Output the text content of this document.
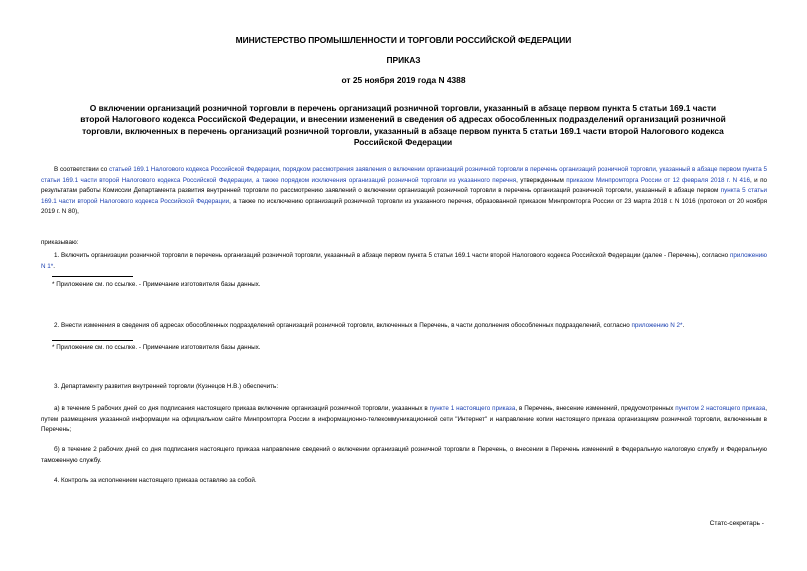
МИНИСТЕРСТВО ПРОМЫШЛЕННОСТИ И ТОРГОВЛИ РОССИЙСКОЙ ФЕДЕРАЦИИ
ПРИКАЗ
от 25 ноября 2019 года N 4388
О включении организаций розничной торговли в перечень организаций розничной торговли, указанный в абзаце первом пункта 5 статьи 169.1 части второй Налогового кодекса Российской Федерации, и внесении изменений в сведения об адресах обособленных подразделений организаций розничной торговли, включенных в перечень организаций розничной торговли, указанный в абзаце первом пункта 5 статьи 169.1 части второй Налогового кодекса Российской Федерации
В соответствии со статьей 169.1 Налогового кодекса Российской Федерации, порядком рассмотрения заявления о включении организаций розничной торговли в перечень организаций розничной торговли, указанный в абзаце первом пункта 5 статьи 169.1 части второй Налогового кодекса Российской Федерации, а также порядком исключения организаций розничной торговли из указанного перечня, утвержденным приказом Минпромторга России от 12 февраля 2018 г. N 416, и по результатам работы Комиссии Департамента развития внутренней торговли по рассмотрению заявлений о включении организаций розничной торговли в перечень организаций розничной торговли, указанный в абзаце первом пункта 5 статьи 169.1 части второй Налогового кодекса Российской Федерации, а также по исключению организаций розничной торговли из указанного перечня, образованной приказом Минпромторга России от 23 марта 2018 г. N 1016 (протокол от 20 ноября 2019 г. N 80),
приказываю:
1. Включить организации розничной торговли в перечень организаций розничной торговли, указанный в абзаце первом пункта 5 статьи 169.1 части второй Налогового кодекса Российской Федерации (далее - Перечень), согласно приложению N 1*.
* Приложение см. по ссылке. - Примечание изготовителя базы данных.
2. Внести изменения в сведения об адресах обособленных подразделений организаций розничной торговли, включенных в Перечень, в части дополнения обособленных подразделений, согласно приложению N 2*.
* Приложение см. по ссылке. - Примечание изготовителя базы данных.
3. Департаменту развития внутренней торговли (Кузнецов Н.В.) обеспечить:
а) в течение 5 рабочих дней со дня подписания настоящего приказа включение организаций розничной торговли, указанных в пункте 1 настоящего приказа, в Перечень, внесение изменений, предусмотренных пунктом 2 настоящего приказа, путем размещения указанной информации на официальном сайте Минпромторга России в информационно-телекоммуникационной сети "Интернет" и направление копии настоящего приказа организациям розничной торговли, включенным в Перечень;
б) в течение 2 рабочих дней со дня подписания настоящего приказа направление сведений о включении организаций розничной торговли в Перечень, о внесении в Перечень изменений в Федеральную налоговую службу и Федеральную таможенную службу.
4. Контроль за исполнением настоящего приказа оставляю за собой.
Статс-секретарь -
